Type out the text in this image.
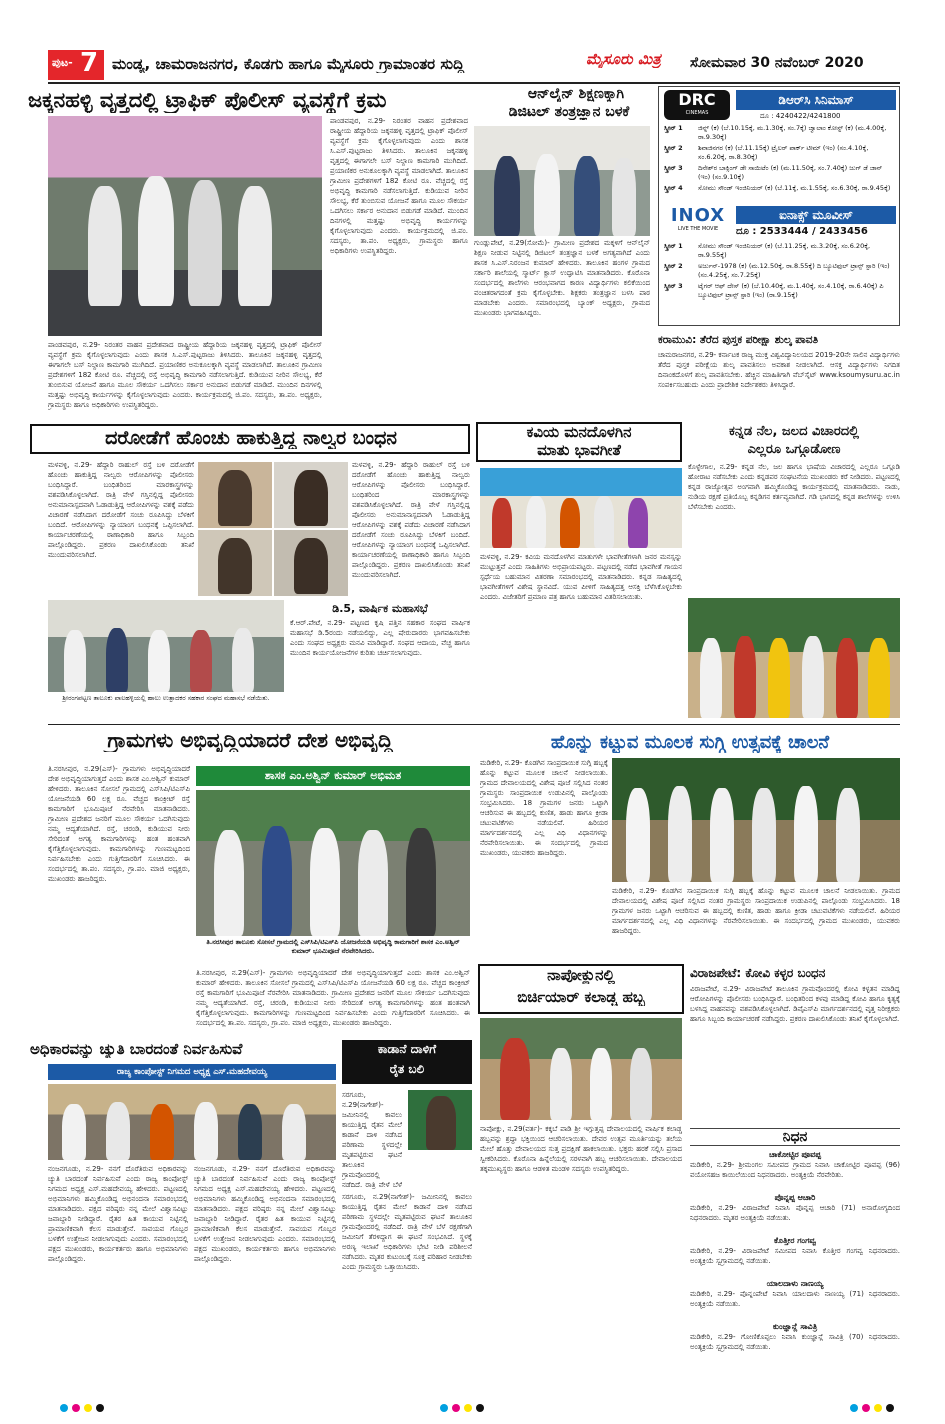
ಪುಟ- 7 ಮಂಡ್ಯ, ಚಾಮರಾಜನಗರ, ಕೊಡಗು ಹಾಗೂ ಮೈಸೂರು ಗ್ರಾಮಾಂತರ ಸುದ್ದಿ	ಮೈಸೂರು ಮಿತ್ರ	ಸೋಮವಾರ 30 ನವೆಂಬರ್ 2020
ಜಕ್ಕನಹಳ್ಳಿ ವೃತ್ತದಲ್ಲಿ ಟ್ರಾಫಿಕ್ ಪೊಲೀಸ್ ವ್ಯವಸ್ಥೆಗೆ ಕ್ರಮ
ಪಾಂಡವಪುರ, ನ.29- ನಿರಂತರ ವಾಹನ ಪ್ರದೇಶವಾದ ರಾಷ್ಟ್ರೀಯ ಹೆದ್ದಾರಿಯ ಜಕ್ಕನಹಳ್ಳಿ ವೃತ್ತದಲ್ಲಿ ಟ್ರಾಫಿಕ್ ಪೊಲೀಸ್ ವ್ಯವಸ್ಥೆಗೆ ಕ್ರಮ ಕೈಗೊಳ್ಳಲಾಗುವುದು ಎಂದು ಶಾಸಕ ಸಿ.ಎಸ್.ಪುಟ್ಟರಾಜು ತಿಳಿಸಿದರು. ತಾಲೂಕಿನ ಜಕ್ಕನಹಳ್ಳಿ ವೃತ್ತದಲ್ಲಿ ಈಗಾಗಲೇ ಬಸ್ ನಿಲ್ದಾಣ ಕಾಮಗಾರಿ ಮುಗಿದಿದೆ. ಪ್ರಯಾಣಿಕರ ಅನುಕೂಲಕ್ಕಾಗಿ ವ್ಯವಸ್ಥೆ ಮಾಡಲಾಗಿದೆ. ತಾಲೂಕಿನ ಗ್ರಾಮೀಣ ಪ್ರದೇಶಗಳಿಗೆ 182 ಕೋಟಿ ರೂ. ವೆಚ್ಚದಲ್ಲಿ ರಸ್ತೆ ಅಭಿವೃದ್ಧಿ ಕಾಮಗಾರಿ ನಡೆಸಲಾಗುತ್ತಿದೆ. ಕುಡಿಯುವ ನೀರಿನ ಸೌಲಭ್ಯ, ಕೆರೆ ತುಂಬಿಸುವ ಯೋಜನೆ ಹಾಗೂ ಮೂಲ ಸೌಕರ್ಯ ಒದಗಿಸಲು ಸರ್ಕಾರ ಅನುದಾನ ಬಿಡುಗಡೆ ಮಾಡಿದೆ. ಮುಂದಿನ ದಿನಗಳಲ್ಲಿ ಮತ್ತಷ್ಟು ಅಭಿವೃದ್ಧಿ ಕಾರ್ಯಗಳನ್ನು ಕೈಗೊಳ್ಳಲಾಗುವುದು ಎಂದರು. ಕಾರ್ಯಕ್ರಮದಲ್ಲಿ ಜಿ.ಪಂ. ಸದಸ್ಯರು, ತಾ.ಪಂ. ಅಧ್ಯಕ್ಷರು, ಗ್ರಾಮಸ್ಥರು ಹಾಗೂ ಅಧಿಕಾರಿಗಳು ಉಪಸ್ಥಿತರಿದ್ದರು.
ಪಾಂಡವಪುರ, ನ.29- ನಿರಂತರ ವಾಹನ ಪ್ರದೇಶವಾದ ರಾಷ್ಟ್ರೀಯ ಹೆದ್ದಾರಿಯ ಜಕ್ಕನಹಳ್ಳಿ ವೃತ್ತದಲ್ಲಿ ಟ್ರಾಫಿಕ್ ಪೊಲೀಸ್ ವ್ಯವಸ್ಥೆಗೆ ಕ್ರಮ ಕೈಗೊಳ್ಳಲಾಗುವುದು ಎಂದು ಶಾಸಕ ಸಿ.ಎಸ್.ಪುಟ್ಟರಾಜು ತಿಳಿಸಿದರು. ತಾಲೂಕಿನ ಜಕ್ಕನಹಳ್ಳಿ ವೃತ್ತದಲ್ಲಿ ಈಗಾಗಲೇ ಬಸ್ ನಿಲ್ದಾಣ ಕಾಮಗಾರಿ ಮುಗಿದಿದೆ. ಪ್ರಯಾಣಿಕರ ಅನುಕೂಲಕ್ಕಾಗಿ ವ್ಯವಸ್ಥೆ ಮಾಡಲಾಗಿದೆ. ತಾಲೂಕಿನ ಗ್ರಾಮೀಣ ಪ್ರದೇಶಗಳಿಗೆ 182 ಕೋಟಿ ರೂ. ವೆಚ್ಚದಲ್ಲಿ ರಸ್ತೆ ಅಭಿವೃದ್ಧಿ ಕಾಮಗಾರಿ ನಡೆಸಲಾಗುತ್ತಿದೆ. ಕುಡಿಯುವ ನೀರಿನ ಸೌಲಭ್ಯ, ಕೆರೆ ತುಂಬಿಸುವ ಯೋಜನೆ ಹಾಗೂ ಮೂಲ ಸೌಕರ್ಯ ಒದಗಿಸಲು ಸರ್ಕಾರ ಅನುದಾನ ಬಿಡುಗಡೆ ಮಾಡಿದೆ. ಮುಂದಿನ ದಿನಗಳಲ್ಲಿ ಮತ್ತಷ್ಟು ಅಭಿವೃದ್ಧಿ ಕಾರ್ಯಗಳನ್ನು ಕೈಗೊಳ್ಳಲಾಗುವುದು ಎಂದರು. ಕಾರ್ಯಕ್ರಮದಲ್ಲಿ ಜಿ.ಪಂ. ಸದಸ್ಯರು, ತಾ.ಪಂ. ಅಧ್ಯಕ್ಷರು, ಗ್ರಾಮಸ್ಥರು ಹಾಗೂ ಅಧಿಕಾರಿಗಳು ಉಪಸ್ಥಿತರಿದ್ದರು.
ಆನ್‌ಲೈನ್ ಶಿಕ್ಷಣಕ್ಕಾಗಿ
ಡಿಜಿಟಲ್ ತಂತ್ರಜ್ಞಾನ ಬಳಕೆ
ಗುಂಡ್ಲುಪೇಟೆ, ನ.29(ಸೋಮೆ)- ಗ್ರಾಮೀಣ ಪ್ರದೇಶದ ಮಕ್ಕಳಿಗೆ ಆನ್‌ಲೈನ್ ಶಿಕ್ಷಣ ನೀಡುವ ನಿಟ್ಟಿನಲ್ಲಿ ಡಿಜಿಟಲ್ ತಂತ್ರಜ್ಞಾನ ಬಳಕೆ ಅಗತ್ಯವಾಗಿದೆ ಎಂದು ಶಾಸಕ ಸಿ.ಎಸ್.ನಿರಂಜನ ಕುಮಾರ್ ಹೇಳಿದರು. ತಾಲೂಕಿನ ಹಂಗಳ ಗ್ರಾಮದ ಸರ್ಕಾರಿ ಶಾಲೆಯಲ್ಲಿ ಸ್ಮಾರ್ಟ್ ಕ್ಲಾಸ್ ಉದ್ಘಾಟಿಸಿ ಮಾತನಾಡಿದರು. ಕೊರೊನಾ ಸಂದರ್ಭದಲ್ಲಿ ಶಾಲೆಗಳು ಆರಂಭವಾಗದ ಕಾರಣ ವಿದ್ಯಾರ್ಥಿಗಳು ಕಲಿಕೆಯಿಂದ ವಂಚಿತರಾಗದಂತೆ ಕ್ರಮ ಕೈಗೊಳ್ಳಬೇಕು. ಶಿಕ್ಷಕರು ತಂತ್ರಜ್ಞಾನ ಬಳಸಿ ಪಾಠ ಮಾಡಬೇಕು ಎಂದರು. ಸಮಾರಂಭದಲ್ಲಿ ಬ್ಯಾಂಕ್ ಅಧ್ಯಕ್ಷರು, ಗ್ರಾಮದ ಮುಖಂಡರು ಭಾಗವಹಿಸಿದ್ದರು.
DRC
CINEMAS
ಡಿಆರ್‌ಸಿ ಸಿನಿಮಾಸ್
ದೂ : 4240422/4241800
ಸ್ಕ್ರೀನ್ 1	ಜಿನ್ನ್ (ಕ) (ಬೆ.10.15ಕ್ಕೆ, ಮ.1.30ಕ್ಕೆ, ಸಂ.7ಕ್ಕೆ) ಜ್ವಾಲಾಂ ಕೋಸ್ಟ್ (ಕ) (ಮ.4.00ಕ್ಕೆ, ರಾ.9.30ಕ್ಕೆ)
ಸ್ಕ್ರೀನ್ 2	ಶಿವಾಜಿನಗರ (ಕ) (ಬೆ.11.15ಕ್ಕೆ) ಟ್ರೈಲರ್ ಪಾರ್ಕ್ ಟೀಮ್ (ಇಂ) (ಸಂ.4.10ಕ್ಕೆ, ಸಂ.6.20ಕ್ಕೆ, ರಾ.8.30ಕ್ಕೆ)
ಸ್ಕ್ರೀನ್ 3	ದಿನೇಶ್‌ರ ಬಾಕ್ಸಿಂಗ್ ಡೇ ಸಾಯಿಟೆಂ (ಕ) (ಮ.11.50ಕ್ಕೆ, ಸಂ.7.40ಕ್ಕೆ) ಜುಗ್ ಡೆ ಜಾನ್ (ಇಂ) (ಸಂ.9.10ಕ್ಕೆ)
ಸ್ಕ್ರೀನ್ 4	ಸೋಮು ಸೌಂಡ್ ಇಂಜಿನಿಯರ್ (ಕ) (ಬೆ.11ಕ್ಕೆ, ಮ.1.55ಕ್ಕೆ, ಸಂ.6.30ಕ್ಕೆ, ರಾ.9.45ಕ್ಕೆ)
INOX
LIVE THE MOVIE
ಐನಾಕ್ಸ್ ಮೂವೀಸ್
ದೂ : 2533444 / 2433456
ಸ್ಕ್ರೀನ್ 1	ಸೋಮು ಸೌಂಡ್ ಇಂಜಿನಿಯರ್ (ಕ) (ಬೆ.11.25ಕ್ಕೆ, ಮ.3.20ಕ್ಕೆ, ಸಂ.6.20ಕ್ಕೆ, ರಾ.9.55ಕ್ಕೆ)
ಸ್ಕ್ರೀನ್ 2	ಅರ್ಜುನ್-1978 (ಕ) (ಮ.12.50ಕ್ಕೆ, ರಾ.8.55ಕ್ಕೆ) ದಿ ಬ್ಯೂಟಿಫುಲ್ ಟ್ರಾನ್ಸ್ ಸ್ಪಾರಿ (ಇಂ) (ಸಂ.4.25ಕ್ಕೆ, ಸಂ.7.25ಕ್ಕೆ)
ಸ್ಕ್ರೀನ್ 3	ಟೈಗರ್ ಆಫ್ ದೇಸ್ (ಕ) (ಬೆ.10.40ಕ್ಕೆ, ಮ.1.40ಕ್ಕೆ, ಸಂ.4.10ಕ್ಕೆ, ರಾ.6.40ಕ್ಕೆ) ಪಿ ಬ್ಯೂಟಿಫುಲ್ ಟ್ರಾನ್ಸ್ ಸ್ಪಾರಿ (ಇಂ) (ರಾ.9.15ಕ್ಕೆ)
ಕರಾಮುವಿ: ತೆರೆದ ಪುಸ್ತಕ ಪರೀಕ್ಷಾ ಶುಲ್ಕ ಪಾವತಿ
ಚಾಮರಾಜನಗರ, ನ.29- ಕರ್ನಾಟಕ ರಾಜ್ಯ ಮುಕ್ತ ವಿಶ್ವವಿದ್ಯಾನಿಲಯದ 2019-20ನೇ ಸಾಲಿನ ವಿದ್ಯಾರ್ಥಿಗಳು ತೆರೆದ ಪುಸ್ತಕ ಪರೀಕ್ಷೆಯ ಶುಲ್ಕ ಪಾವತಿಸಲು ಅವಕಾಶ ನೀಡಲಾಗಿದೆ. ಆಸಕ್ತ ವಿದ್ಯಾರ್ಥಿಗಳು ನಿಗದಿತ ದಿನಾಂಕದೊಳಗೆ ಶುಲ್ಕ ಪಾವತಿಸಬೇಕು. ಹೆಚ್ಚಿನ ಮಾಹಿತಿಗಾಗಿ ವೆಬ್‌ಸೈಟ್ www.ksoumysuru.ac.in ಸಂಪರ್ಕಿಸಬಹುದು ಎಂದು ಪ್ರಾದೇಶಿಕ ನಿರ್ದೇಶಕರು ತಿಳಿಸಿದ್ದಾರೆ.
ದರೋಡೆಗೆ ಹೊಂಚು ಹಾಕುತ್ತಿದ್ದ ನಾಲ್ವರ ಬಂಧನ
ಮಳವಳ್ಳಿ, ನ.29- ಹೆದ್ದಾರಿ ರಾಹುಲ್ ರಸ್ತೆ ಬಳಿ ದರೋಡೆಗೆ ಹೊಂಚು ಹಾಕುತ್ತಿದ್ದ ನಾಲ್ವರು ಆರೋಪಿಗಳನ್ನು ಪೊಲೀಸರು ಬಂಧಿಸಿದ್ದಾರೆ. ಬಂಧಿತರಿಂದ ಮಾರಕಾಸ್ತ್ರಗಳನ್ನು ವಶಪಡಿಸಿಕೊಳ್ಳಲಾಗಿದೆ. ರಾತ್ರಿ ವೇಳೆ ಗಸ್ತಿನಲ್ಲಿದ್ದ ಪೊಲೀಸರು ಅನುಮಾನಾಸ್ಪದವಾಗಿ ಓಡಾಡುತ್ತಿದ್ದ ಆರೋಪಿಗಳನ್ನು ವಶಕ್ಕೆ ಪಡೆದು ವಿಚಾರಣೆ ನಡೆಸಿದಾಗ ದರೋಡೆಗೆ ಸಂಚು ರೂಪಿಸಿದ್ದು ಬೆಳಕಿಗೆ ಬಂದಿದೆ. ಆರೋಪಿಗಳನ್ನು ನ್ಯಾಯಾಂಗ ಬಂಧನಕ್ಕೆ ಒಪ್ಪಿಸಲಾಗಿದೆ. ಕಾರ್ಯಾಚರಣೆಯಲ್ಲಿ ಠಾಣಾಧಿಕಾರಿ ಹಾಗೂ ಸಿಬ್ಬಂದಿ ಪಾಲ್ಗೊಂಡಿದ್ದರು. ಪ್ರಕರಣ ದಾಖಲಿಸಿಕೊಂಡು ತನಿಖೆ ಮುಂದುವರಿಸಲಾಗಿದೆ.
ಮಳವಳ್ಳಿ, ನ.29- ಹೆದ್ದಾರಿ ರಾಹುಲ್ ರಸ್ತೆ ಬಳಿ ದರೋಡೆಗೆ ಹೊಂಚು ಹಾಕುತ್ತಿದ್ದ ನಾಲ್ವರು ಆರೋಪಿಗಳನ್ನು ಪೊಲೀಸರು ಬಂಧಿಸಿದ್ದಾರೆ. ಬಂಧಿತರಿಂದ ಮಾರಕಾಸ್ತ್ರಗಳನ್ನು ವಶಪಡಿಸಿಕೊಳ್ಳಲಾಗಿದೆ. ರಾತ್ರಿ ವೇಳೆ ಗಸ್ತಿನಲ್ಲಿದ್ದ ಪೊಲೀಸರು ಅನುಮಾನಾಸ್ಪದವಾಗಿ ಓಡಾಡುತ್ತಿದ್ದ ಆರೋಪಿಗಳನ್ನು ವಶಕ್ಕೆ ಪಡೆದು ವಿಚಾರಣೆ ನಡೆಸಿದಾಗ ದರೋಡೆಗೆ ಸಂಚು ರೂಪಿಸಿದ್ದು ಬೆಳಕಿಗೆ ಬಂದಿದೆ. ಆರೋಪಿಗಳನ್ನು ನ್ಯಾಯಾಂಗ ಬಂಧನಕ್ಕೆ ಒಪ್ಪಿಸಲಾಗಿದೆ. ಕಾರ್ಯಾಚರಣೆಯಲ್ಲಿ ಠಾಣಾಧಿಕಾರಿ ಹಾಗೂ ಸಿಬ್ಬಂದಿ ಪಾಲ್ಗೊಂಡಿದ್ದರು. ಪ್ರಕರಣ ದಾಖಲಿಸಿಕೊಂಡು ತನಿಖೆ ಮುಂದುವರಿಸಲಾಗಿದೆ.
ಶ್ರೀರಂಗಪಟ್ಟಣ ತಾಲೂಕು ಪಾಲಹಳ್ಳಿಯಲ್ಲಿ ಹಾಲು ಉತ್ಪಾದಕರ ಸಹಕಾರ ಸಂಘದ ಮಹಾಸಭೆ ನಡೆಯಿತು.
ಡಿ.5, ವಾರ್ಷಿಕ ಮಹಾಸಭೆ
ಕೆ.ಆರ್.ಪೇಟೆ, ನ.29- ಪಟ್ಟಣದ ಕೃಷಿ ಪತ್ತಿನ ಸಹಕಾರ ಸಂಘದ ವಾರ್ಷಿಕ ಮಹಾಸಭೆ ಡಿ.5ರಂದು ನಡೆಯಲಿದ್ದು, ಎಲ್ಲ ಷೇರುದಾರರು ಭಾಗವಹಿಸಬೇಕು ಎಂದು ಸಂಘದ ಅಧ್ಯಕ್ಷರು ಮನವಿ ಮಾಡಿದ್ದಾರೆ. ಸಂಘದ ಆದಾಯ, ವೆಚ್ಚ ಹಾಗೂ ಮುಂದಿನ ಕಾರ್ಯಯೋಜನೆಗಳ ಕುರಿತು ಚರ್ಚಿಸಲಾಗುವುದು.
ಕವಿಯ ಮನದೊಳಗಿನ
ಮಾತು ಭಾವಗೀತೆ
ಮಳವಳ್ಳಿ, ನ.29- ಕವಿಯ ಮನದೊಳಗಿನ ಮಾತುಗಳೇ ಭಾವಗೀತೆಗಳಾಗಿ ಜನರ ಮನಸ್ಸನ್ನು ಮುಟ್ಟುತ್ತವೆ ಎಂದು ಸಾಹಿತಿಗಳು ಅಭಿಪ್ರಾಯಪಟ್ಟರು. ಪಟ್ಟಣದಲ್ಲಿ ನಡೆದ ಭಾವಗೀತೆ ಗಾಯನ ಸ್ಪರ್ಧೆಯ ಬಹುಮಾನ ವಿತರಣಾ ಸಮಾರಂಭದಲ್ಲಿ ಮಾತನಾಡಿದರು. ಕನ್ನಡ ಸಾಹಿತ್ಯದಲ್ಲಿ ಭಾವಗೀತೆಗಳಿಗೆ ವಿಶೇಷ ಸ್ಥಾನವಿದೆ. ಯುವ ಪೀಳಿಗೆ ಸಾಹಿತ್ಯದತ್ತ ಆಸಕ್ತಿ ಬೆಳೆಸಿಕೊಳ್ಳಬೇಕು ಎಂದರು. ವಿಜೇತರಿಗೆ ಪ್ರಮಾಣ ಪತ್ರ ಹಾಗೂ ಬಹುಮಾನ ವಿತರಿಸಲಾಯಿತು.
ಕನ್ನಡ ನೆಲ, ಜಲದ ವಿಚಾರದಲ್ಲಿ
ಎಲ್ಲರೂ ಒಗ್ಗೂಡೋಣ
ಕೊಳ್ಳೇಗಾಲ, ನ.29- ಕನ್ನಡ ನೆಲ, ಜಲ ಹಾಗೂ ಭಾಷೆಯ ವಿಚಾರದಲ್ಲಿ ಎಲ್ಲರೂ ಒಗ್ಗೂಡಿ ಹೋರಾಟ ನಡೆಸಬೇಕು ಎಂದು ಕನ್ನಡಪರ ಸಂಘಟನೆಯ ಮುಖಂಡರು ಕರೆ ನೀಡಿದರು. ಪಟ್ಟಣದಲ್ಲಿ ಕನ್ನಡ ರಾಜ್ಯೋತ್ಸವ ಅಂಗವಾಗಿ ಹಮ್ಮಿಕೊಂಡಿದ್ದ ಕಾರ್ಯಕ್ರಮದಲ್ಲಿ ಮಾತನಾಡಿದರು. ನಾಡು, ನುಡಿಯ ರಕ್ಷಣೆ ಪ್ರತಿಯೊಬ್ಬ ಕನ್ನಡಿಗನ ಕರ್ತವ್ಯವಾಗಿದೆ. ಗಡಿ ಭಾಗದಲ್ಲಿ ಕನ್ನಡ ಶಾಲೆಗಳನ್ನು ಉಳಿಸಿ ಬೆಳೆಸಬೇಕು ಎಂದರು.
ಗ್ರಾಮಗಳು ಅಭಿವೃದ್ಧಿಯಾದರೆ ದೇಶ ಅಭಿವೃದ್ಧಿ
ತಿ.ನರಸೀಪುರ, ನ.29(ಎಸ್)- ಗ್ರಾಮಗಳು ಅಭಿವೃದ್ಧಿಯಾದರೆ ದೇಶ ಅಭಿವೃದ್ಧಿಯಾಗುತ್ತದೆ ಎಂದು ಶಾಸಕ ಎಂ.ಅಶ್ವಿನ್ ಕುಮಾರ್ ಹೇಳಿದರು. ತಾಲೂಕಿನ ಸೋಸಲೆ ಗ್ರಾಮದಲ್ಲಿ ಎಸ್‌ಸಿಪಿ/ಟಿಎಸ್‌ಪಿ ಯೋಜನೆಯಡಿ 60 ಲಕ್ಷ ರೂ. ವೆಚ್ಚದ ಕಾಂಕ್ರೀಟ್ ರಸ್ತೆ ಕಾಮಗಾರಿಗೆ ಭೂಮಿಪೂಜೆ ನೆರವೇರಿಸಿ ಮಾತನಾಡಿದರು. ಗ್ರಾಮೀಣ ಪ್ರದೇಶದ ಜನರಿಗೆ ಮೂಲ ಸೌಕರ್ಯ ಒದಗಿಸುವುದು ನಮ್ಮ ಆದ್ಯತೆಯಾಗಿದೆ. ರಸ್ತೆ, ಚರಂಡಿ, ಕುಡಿಯುವ ನೀರು ಸೇರಿದಂತೆ ಅಗತ್ಯ ಕಾಮಗಾರಿಗಳನ್ನು ಹಂತ ಹಂತವಾಗಿ ಕೈಗೆತ್ತಿಕೊಳ್ಳಲಾಗುವುದು. ಕಾಮಗಾರಿಗಳನ್ನು ಗುಣಮಟ್ಟದಿಂದ ನಿರ್ವಹಿಸಬೇಕು ಎಂದು ಗುತ್ತಿಗೆದಾರರಿಗೆ ಸೂಚಿಸಿದರು. ಈ ಸಂದರ್ಭದಲ್ಲಿ ತಾ.ಪಂ. ಸದಸ್ಯರು, ಗ್ರಾ.ಪಂ. ಮಾಜಿ ಅಧ್ಯಕ್ಷರು, ಮುಖಂಡರು ಹಾಜರಿದ್ದರು.
ಶಾಸಕ ಎಂ.ಅಶ್ವಿನ್ ಕುಮಾರ್ ಅಭಿಮತ
ತಿ.ನರಸೀಪುರ ತಾಲೂಕು ಸೋಸಲೆ ಗ್ರಾಮದಲ್ಲಿ ಎಸ್‌ಸಿಪಿ/ಟಿಎಸ್‌ಪಿ ಯೋಜನೆಯಡಿ ಅಭಿವೃದ್ಧಿ ಕಾಮಗಾರಿಗೆ ಶಾಸಕ ಎಂ.ಅಶ್ವಿನ್ ಕುಮಾರ್ ಭೂಮಿಪೂಜೆ ನೆರವೇರಿಸಿದರು.
ತಿ.ನರಸೀಪುರ, ನ.29(ಎಸ್)- ಗ್ರಾಮಗಳು ಅಭಿವೃದ್ಧಿಯಾದರೆ ದೇಶ ಅಭಿವೃದ್ಧಿಯಾಗುತ್ತದೆ ಎಂದು ಶಾಸಕ ಎಂ.ಅಶ್ವಿನ್ ಕುಮಾರ್ ಹೇಳಿದರು. ತಾಲೂಕಿನ ಸೋಸಲೆ ಗ್ರಾಮದಲ್ಲಿ ಎಸ್‌ಸಿಪಿ/ಟಿಎಸ್‌ಪಿ ಯೋಜನೆಯಡಿ 60 ಲಕ್ಷ ರೂ. ವೆಚ್ಚದ ಕಾಂಕ್ರೀಟ್ ರಸ್ತೆ ಕಾಮಗಾರಿಗೆ ಭೂಮಿಪೂಜೆ ನೆರವೇರಿಸಿ ಮಾತನಾಡಿದರು. ಗ್ರಾಮೀಣ ಪ್ರದೇಶದ ಜನರಿಗೆ ಮೂಲ ಸೌಕರ್ಯ ಒದಗಿಸುವುದು ನಮ್ಮ ಆದ್ಯತೆಯಾಗಿದೆ. ರಸ್ತೆ, ಚರಂಡಿ, ಕುಡಿಯುವ ನೀರು ಸೇರಿದಂತೆ ಅಗತ್ಯ ಕಾಮಗಾರಿಗಳನ್ನು ಹಂತ ಹಂತವಾಗಿ ಕೈಗೆತ್ತಿಕೊಳ್ಳಲಾಗುವುದು. ಕಾಮಗಾರಿಗಳನ್ನು ಗುಣಮಟ್ಟದಿಂದ ನಿರ್ವಹಿಸಬೇಕು ಎಂದು ಗುತ್ತಿಗೆದಾರರಿಗೆ ಸೂಚಿಸಿದರು. ಈ ಸಂದರ್ಭದಲ್ಲಿ ತಾ.ಪಂ. ಸದಸ್ಯರು, ಗ್ರಾ.ಪಂ. ಮಾಜಿ ಅಧ್ಯಕ್ಷರು, ಮುಖಂಡರು ಹಾಜರಿದ್ದರು.
ಹೊನ್ನು ಕಟ್ಟುವ ಮೂಲಕ ಸುಗ್ಗಿ ಉತ್ಸವಕ್ಕೆ ಚಾಲನೆ
ಮಡಿಕೇರಿ, ನ.29- ಕೊಡಗಿನ ಸಾಂಪ್ರದಾಯಿಕ ಸುಗ್ಗಿ ಹಬ್ಬಕ್ಕೆ ಹೊನ್ನು ಕಟ್ಟುವ ಮೂಲಕ ಚಾಲನೆ ನೀಡಲಾಯಿತು. ಗ್ರಾಮದ ದೇವಾಲಯದಲ್ಲಿ ವಿಶೇಷ ಪೂಜೆ ಸಲ್ಲಿಸಿದ ನಂತರ ಗ್ರಾಮಸ್ಥರು ಸಾಂಪ್ರದಾಯಿಕ ಉಡುಪಿನಲ್ಲಿ ಪಾಲ್ಗೊಂಡು ಸಂಭ್ರಮಿಸಿದರು. 18 ಗ್ರಾಮಗಳ ಜನರು ಒಟ್ಟಾಗಿ ಆಚರಿಸುವ ಈ ಹಬ್ಬದಲ್ಲಿ ಕುಣಿತ, ಹಾಡು ಹಾಗೂ ಕ್ರೀಡಾ ಚಟುವಟಿಕೆಗಳು ನಡೆಯಲಿವೆ. ಹಿರಿಯರ ಮಾರ್ಗದರ್ಶನದಲ್ಲಿ ಎಲ್ಲ ವಿಧಿ ವಿಧಾನಗಳನ್ನು ನೆರವೇರಿಸಲಾಯಿತು. ಈ ಸಂದರ್ಭದಲ್ಲಿ ಗ್ರಾಮದ ಮುಖಂಡರು, ಯುವಕರು ಹಾಜರಿದ್ದರು.
ಮಡಿಕೇರಿ, ನ.29- ಕೊಡಗಿನ ಸಾಂಪ್ರದಾಯಿಕ ಸುಗ್ಗಿ ಹಬ್ಬಕ್ಕೆ ಹೊನ್ನು ಕಟ್ಟುವ ಮೂಲಕ ಚಾಲನೆ ನೀಡಲಾಯಿತು. ಗ್ರಾಮದ ದೇವಾಲಯದಲ್ಲಿ ವಿಶೇಷ ಪೂಜೆ ಸಲ್ಲಿಸಿದ ನಂತರ ಗ್ರಾಮಸ್ಥರು ಸಾಂಪ್ರದಾಯಿಕ ಉಡುಪಿನಲ್ಲಿ ಪಾಲ್ಗೊಂಡು ಸಂಭ್ರಮಿಸಿದರು. 18 ಗ್ರಾಮಗಳ ಜನರು ಒಟ್ಟಾಗಿ ಆಚರಿಸುವ ಈ ಹಬ್ಬದಲ್ಲಿ ಕುಣಿತ, ಹಾಡು ಹಾಗೂ ಕ್ರೀಡಾ ಚಟುವಟಿಕೆಗಳು ನಡೆಯಲಿವೆ. ಹಿರಿಯರ ಮಾರ್ಗದರ್ಶನದಲ್ಲಿ ಎಲ್ಲ ವಿಧಿ ವಿಧಾನಗಳನ್ನು ನೆರವೇರಿಸಲಾಯಿತು. ಈ ಸಂದರ್ಭದಲ್ಲಿ ಗ್ರಾಮದ ಮುಖಂಡರು, ಯುವಕರು ಹಾಜರಿದ್ದರು.
ನಾಪೋಕ್ಲುನಲ್ಲಿ
ಬಿರ್ಚಿಯಾರ್ ಕಲಾಡ್ಚ ಹಬ್ಬ
ನಾಪೋಕ್ಲು, ನ.29(ವರ್ತ)- ಕಕ್ಕಬೆ ಪಾಡಿ ಶ್ರೀ ಇಗ್ಗುತ್ತಪ್ಪ ದೇವಾಲಯದಲ್ಲಿ ವಾರ್ಷಿಕ ಕಲಾಡ್ಚ ಹಬ್ಬವನ್ನು ಶ್ರದ್ಧಾ ಭಕ್ತಿಯಿಂದ ಆಚರಿಸಲಾಯಿತು. ದೇವರ ಉತ್ಸವ ಮೂರ್ತಿಯನ್ನು ತಲೆಯ ಮೇಲೆ ಹೊತ್ತು ದೇವಾಲಯದ ಸುತ್ತ ಪ್ರದಕ್ಷಿಣೆ ಹಾಕಲಾಯಿತು. ಭಕ್ತರು ಹರಕೆ ಸಲ್ಲಿಸಿ ಪ್ರಸಾದ ಸ್ವೀಕರಿಸಿದರು. ಕೊರೊನಾ ಹಿನ್ನೆಲೆಯಲ್ಲಿ ಸರಳವಾಗಿ ಹಬ್ಬ ಆಚರಿಸಲಾಯಿತು. ದೇವಾಲಯದ ತಕ್ಕಮುಖ್ಯಸ್ಥರು ಹಾಗೂ ಆಡಳಿತ ಮಂಡಳಿ ಸದಸ್ಯರು ಉಪಸ್ಥಿತರಿದ್ದರು.
ವಿರಾಜಪೇಟೆ: ಕೋವಿ ಕಳ್ಳರ ಬಂಧನ
ವಿರಾಜಪೇಟೆ, ನ.29- ವಿರಾಜಪೇಟೆ ತಾಲೂಕಿನ ಗ್ರಾಮವೊಂದರಲ್ಲಿ ಕೋವಿ ಕಳ್ಳತನ ಮಾಡಿದ್ದ ಆರೋಪಿಗಳನ್ನು ಪೊಲೀಸರು ಬಂಧಿಸಿದ್ದಾರೆ. ಬಂಧಿತರಿಂದ ಕಳವು ಮಾಡಿದ್ದ ಕೋವಿ ಹಾಗೂ ಕೃತ್ಯಕ್ಕೆ ಬಳಸಿದ್ದ ವಾಹನವನ್ನು ವಶಪಡಿಸಿಕೊಳ್ಳಲಾಗಿದೆ. ಡಿವೈಎಸ್‌ಪಿ ಮಾರ್ಗದರ್ಶನದಲ್ಲಿ ವೃತ್ತ ನಿರೀಕ್ಷಕರು ಹಾಗೂ ಸಿಬ್ಬಂದಿ ಕಾರ್ಯಾಚರಣೆ ನಡೆಸಿದ್ದರು. ಪ್ರಕರಣ ದಾಖಲಿಸಿಕೊಂಡು ತನಿಖೆ ಕೈಗೊಳ್ಳಲಾಗಿದೆ.
ನಿಧನ
ಚಾಕೋಟ್ಟಿರ ಪೂವಪ್ಪ
ಮಡಿಕೇರಿ, ನ.29- ಶ್ರೀಮಂಗಲ ಸಮೀಪದ ಗ್ರಾಮದ ನಿವಾಸಿ ಚಾಕೋಟ್ಟಿರ ಪೂವಪ್ಪ (96) ವಯೋಸಹಜ ಕಾಯಿಲೆಯಿಂದ ನಿಧನರಾದರು. ಅಂತ್ಯಕ್ರಿಯೆ ನೆರವೇರಿತು.
ಪೊನ್ನಪ್ಪ ಆಚಾರಿ
ಮಡಿಕೇರಿ, ನ.29- ವಿರಾಜಪೇಟೆ ನಿವಾಸಿ ಪೊನ್ನಪ್ಪ ಆಚಾರಿ (71) ಅನಾರೋಗ್ಯದಿಂದ ನಿಧನರಾದರು. ಮೃತರ ಅಂತ್ಯಕ್ರಿಯೆ ನಡೆಯಿತು.
ಕೊತ್ತೀರ ಗಂಗವ್ವ
ಮಡಿಕೇರಿ, ನ.29- ವಿರಾಜಪೇಟೆ ಸಮೀಪದ ನಿವಾಸಿ ಕೊತ್ತೀರ ಗಂಗವ್ವ ನಿಧನರಾದರು. ಅಂತ್ಯಕ್ರಿಯೆ ಸ್ವಗ್ರಾಮದಲ್ಲಿ ನಡೆಯಿತು.
ಯಾಲದಾಳು ನಾಣಯ್ಯ
ಮಡಿಕೇರಿ, ನ.29- ಪೊನ್ನಂಪೇಟೆ ನಿವಾಸಿ ಯಾಲದಾಳು ನಾಣಯ್ಯ (71) ನಿಧನರಾದರು. ಅಂತ್ಯಕ್ರಿಯೆ ನಡೆಯಿತು.
ಕುಂಜ್ಞಾನ್ಲೆ ಸಾವಿತ್ರಿ
ಮಡಿಕೇರಿ, ನ.29- ಗೋಣಿಕೊಪ್ಪಲು ನಿವಾಸಿ ಕುಂಜ್ಞಾನ್ಲೆ ಸಾವಿತ್ರಿ (70) ನಿಧನರಾದರು. ಅಂತ್ಯಕ್ರಿಯೆ ಸ್ವಗ್ರಾಮದಲ್ಲಿ ನಡೆಯಿತು.
ಅಧಿಕಾರವನ್ನು ಚ್ಯುತಿ ಬಾರದಂತೆ ನಿರ್ವಹಿಸುವೆ
ರಾಜ್ಯ ಕಾಂಪೋಸ್ಟ್ ನಿಗಮದ ಅಧ್ಯಕ್ಷ ಎಸ್.ಮಹದೇವಯ್ಯ
ನಂಜನಗೂಡು, ನ.29- ನನಗೆ ದೊರೆತಿರುವ ಅಧಿಕಾರವನ್ನು ಚ್ಯುತಿ ಬಾರದಂತೆ ನಿರ್ವಹಿಸುವೆ ಎಂದು ರಾಜ್ಯ ಕಾಂಪೋಸ್ಟ್ ನಿಗಮದ ಅಧ್ಯಕ್ಷ ಎಸ್.ಮಹದೇವಯ್ಯ ಹೇಳಿದರು. ಪಟ್ಟಣದಲ್ಲಿ ಅಭಿಮಾನಿಗಳು ಹಮ್ಮಿಕೊಂಡಿದ್ದ ಅಭಿನಂದನಾ ಸಮಾರಂಭದಲ್ಲಿ ಮಾತನಾಡಿದರು. ಪಕ್ಷದ ವರಿಷ್ಠರು ನನ್ನ ಮೇಲೆ ವಿಶ್ವಾಸವಿಟ್ಟು ಜವಾಬ್ದಾರಿ ನೀಡಿದ್ದಾರೆ. ರೈತರ ಹಿತ ಕಾಯುವ ನಿಟ್ಟಿನಲ್ಲಿ ಪ್ರಾಮಾಣಿಕವಾಗಿ ಕೆಲಸ ಮಾಡುತ್ತೇನೆ. ಸಾವಯವ ಗೊಬ್ಬರ ಬಳಕೆಗೆ ಉತ್ತೇಜನ ನೀಡಲಾಗುವುದು ಎಂದರು. ಸಮಾರಂಭದಲ್ಲಿ ಪಕ್ಷದ ಮುಖಂಡರು, ಕಾರ್ಯಕರ್ತರು ಹಾಗೂ ಅಭಿಮಾನಿಗಳು ಪಾಲ್ಗೊಂಡಿದ್ದರು.
ನಂಜನಗೂಡು, ನ.29- ನನಗೆ ದೊರೆತಿರುವ ಅಧಿಕಾರವನ್ನು ಚ್ಯುತಿ ಬಾರದಂತೆ ನಿರ್ವಹಿಸುವೆ ಎಂದು ರಾಜ್ಯ ಕಾಂಪೋಸ್ಟ್ ನಿಗಮದ ಅಧ್ಯಕ್ಷ ಎಸ್.ಮಹದೇವಯ್ಯ ಹೇಳಿದರು. ಪಟ್ಟಣದಲ್ಲಿ ಅಭಿಮಾನಿಗಳು ಹಮ್ಮಿಕೊಂಡಿದ್ದ ಅಭಿನಂದನಾ ಸಮಾರಂಭದಲ್ಲಿ ಮಾತನಾಡಿದರು. ಪಕ್ಷದ ವರಿಷ್ಠರು ನನ್ನ ಮೇಲೆ ವಿಶ್ವಾಸವಿಟ್ಟು ಜವಾಬ್ದಾರಿ ನೀಡಿದ್ದಾರೆ. ರೈತರ ಹಿತ ಕಾಯುವ ನಿಟ್ಟಿನಲ್ಲಿ ಪ್ರಾಮಾಣಿಕವಾಗಿ ಕೆಲಸ ಮಾಡುತ್ತೇನೆ. ಸಾವಯವ ಗೊಬ್ಬರ ಬಳಕೆಗೆ ಉತ್ತೇಜನ ನೀಡಲಾಗುವುದು ಎಂದರು. ಸಮಾರಂಭದಲ್ಲಿ ಪಕ್ಷದ ಮುಖಂಡರು, ಕಾರ್ಯಕರ್ತರು ಹಾಗೂ ಅಭಿಮಾನಿಗಳು ಪಾಲ್ಗೊಂಡಿದ್ದರು.
ಕಾಡಾನೆ ದಾಳಿಗೆ
ರೈತ ಬಲಿ
ಸರಗೂರು, ನ.29(ನಾಗೇಶ್)- ಜಮೀನಿನಲ್ಲಿ ಕಾವಲು ಕಾಯುತ್ತಿದ್ದ ರೈತನ ಮೇಲೆ ಕಾಡಾನೆ ದಾಳಿ ನಡೆಸಿದ ಪರಿಣಾಮ ಸ್ಥಳದಲ್ಲೇ ಮೃತಪಟ್ಟಿರುವ ಘಟನೆ ತಾಲೂಕಿನ ಗ್ರಾಮವೊಂದರಲ್ಲಿ ನಡೆದಿದೆ. ರಾತ್ರಿ ವೇಳೆ ಬೆಳೆ
ಸರಗೂರು, ನ.29(ನಾಗೇಶ್)- ಜಮೀನಿನಲ್ಲಿ ಕಾವಲು ಕಾಯುತ್ತಿದ್ದ ರೈತನ ಮೇಲೆ ಕಾಡಾನೆ ದಾಳಿ ನಡೆಸಿದ ಪರಿಣಾಮ ಸ್ಥಳದಲ್ಲೇ ಮೃತಪಟ್ಟಿರುವ ಘಟನೆ ತಾಲೂಕಿನ ಗ್ರಾಮವೊಂದರಲ್ಲಿ ನಡೆದಿದೆ. ರಾತ್ರಿ ವೇಳೆ ಬೆಳೆ ರಕ್ಷಣೆಗಾಗಿ ಜಮೀನಿಗೆ ತೆರಳಿದ್ದಾಗ ಈ ಘಟನೆ ಸಂಭವಿಸಿದೆ. ಸ್ಥಳಕ್ಕೆ ಅರಣ್ಯ ಇಲಾಖೆ ಅಧಿಕಾರಿಗಳು ಭೇಟಿ ನೀಡಿ ಪರಿಶೀಲನೆ ನಡೆಸಿದರು. ಮೃತರ ಕುಟುಂಬಕ್ಕೆ ಸೂಕ್ತ ಪರಿಹಾರ ನೀಡಬೇಕು ಎಂದು ಗ್ರಾಮಸ್ಥರು ಒತ್ತಾಯಿಸಿದರು.
